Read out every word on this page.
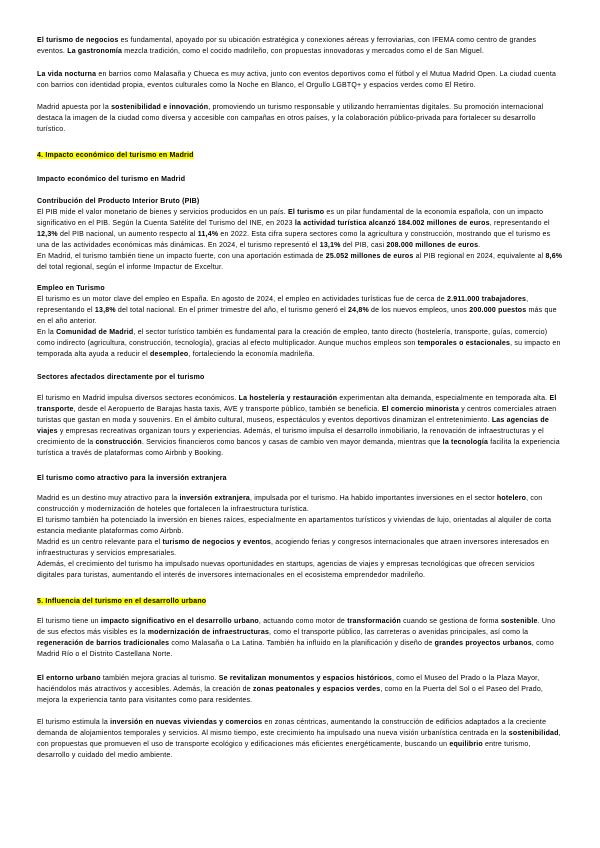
El turismo de negocios es fundamental, apoyado por su ubicación estratégica y conexiones aéreas y ferroviarias, con IFEMA como centro de grandes eventos. La gastronomía mezcla tradición, como el cocido madrileño, con propuestas innovadoras y mercados como el de San Miguel.

La vida nocturna en barrios como Malasaña y Chueca es muy activa, junto con eventos deportivos como el fútbol y el Mutua Madrid Open. La ciudad cuenta con barrios con identidad propia, eventos culturales como la Noche en Blanco, el Orgullo LGBTQ+ y espacios verdes como El Retiro.

Madrid apuesta por la sostenibilidad e innovación, promoviendo un turismo responsable y utilizando herramientas digitales. Su promoción internacional destaca la imagen de la ciudad como diversa y accesible con campañas en otros países, y la colaboración público-privada para fortalecer su desarrollo turístico.

4. Impacto económico del turismo en Madrid
Impacto económico del turismo en Madrid
Contribución del Producto Interior Bruto (PIB)

El PIB mide el valor monetario de bienes y servicios producidos en un país. El turismo es un pilar fundamental de la economía española, con un impacto significativo en el PIB. Según la Cuenta Satélite del Turismo del INE, en 2023 la actividad turística alcanzó 184.002 millones de euros, representando el 12,3% del PIB nacional, un aumento respecto al 11,4% en 2022. Esta cifra supera sectores como la agricultura y construcción, mostrando que el turismo es una de las actividades económicas más dinámicas. En 2024, el turismo representó el 13,1% del PIB, casi 208.000 millones de euros.

En Madrid, el turismo también tiene un impacto fuerte, con una aportación estimada de 25.052 millones de euros al PIB regional en 2024, equivalente al 8,6% del total regional, según el informe Impactur de Exceltur.

Empleo en Turismo

El turismo es un motor clave del empleo en España. En agosto de 2024, el empleo en actividades turísticas fue de cerca de 2.911.000 trabajadores, representando el 13,8% del total nacional. En el primer trimestre del año, el turismo generó el 24,8% de los nuevos empleos, unos 200.000 puestos más que en el año anterior.

En la Comunidad de Madrid, el sector turístico también es fundamental para la creación de empleo, tanto directo (hostelería, transporte, guías, comercio) como indirecto (agricultura, construcción, tecnología), gracias al efecto multiplicador. Aunque muchos empleos son temporales o estacionales, su impacto en temporada alta ayuda a reducir el desempleo, fortaleciendo la economía madrileña.

Sectores afectados directamente por el turismo

El turismo en Madrid impulsa diversos sectores económicos. La hostelería y restauración experimentan alta demanda, especialmente en temporada alta. El transporte, desde el Aeropuerto de Barajas hasta taxis, AVE y transporte público, también se beneficia. El comercio minorista y centros comerciales atraen turistas que gastan en moda y souvenirs. En el ámbito cultural, museos, espectáculos y eventos deportivos dinamizan el entretenimiento. Las agencias de viajes y empresas recreativas organizan tours y experiencias. Además, el turismo impulsa el desarrollo inmobiliario, la renovación de infraestructuras y el crecimiento de la construcción. Servicios financieros como bancos y casas de cambio ven mayor demanda, mientras que la tecnología facilita la experiencia turística a través de plataformas como Airbnb y Booking.

El turismo como atractivo para la inversión extranjera

Madrid es un destino muy atractivo para la inversión extranjera, impulsada por el turismo. Ha habido importantes inversiones en el sector hotelero, con construcción y modernización de hoteles que fortalecen la infraestructura turística.

El turismo también ha potenciado la inversión en bienes raíces, especialmente en apartamentos turísticos y viviendas de lujo, orientadas al alquiler de corta estancia mediante plataformas como Airbnb.

Madrid es un centro relevante para el turismo de negocios y eventos, acogiendo ferias y congresos internacionales que atraen inversores interesados en infraestructuras y servicios empresariales.

Además, el crecimiento del turismo ha impulsado nuevas oportunidades en startups, agencias de viajes y empresas tecnológicas que ofrecen servicios digitales para turistas, aumentando el interés de inversores internacionales en el ecosistema emprendedor madrileño.

5. Influencia del turismo en el desarrollo urbano

El turismo tiene un impacto significativo en el desarrollo urbano, actuando como motor de transformación cuando se gestiona de forma sostenible. Uno de sus efectos más visibles es la modernización de infraestructuras, como el transporte público, las carreteras o avenidas principales, así como la regeneración de barrios tradicionales como Malasaña o La Latina. También ha influido en la planificación y diseño de grandes proyectos urbanos, como Madrid Río o el Distrito Castellana Norte.

El entorno urbano también mejora gracias al turismo. Se revitalizan monumentos y espacios históricos, como el Museo del Prado o la Plaza Mayor, haciéndolos más atractivos y accesibles. Además, la creación de zonas peatonales y espacios verdes, como en la Puerta del Sol o el Paseo del Prado, mejora la experiencia tanto para visitantes como para residentes.

El turismo estimula la inversión en nuevas viviendas y comercios en zonas céntricas, aumentando la construcción de edificios adaptados a la creciente demanda de alojamientos temporales y servicios. Al mismo tiempo, este crecimiento ha impulsado una nueva visión urbanística centrada en la sostenibilidad, con propuestas que promueven el uso de transporte ecológico y edificaciones más eficientes energéticamente, buscando un equilibrio entre turismo, desarrollo y cuidado del medio ambiente.
